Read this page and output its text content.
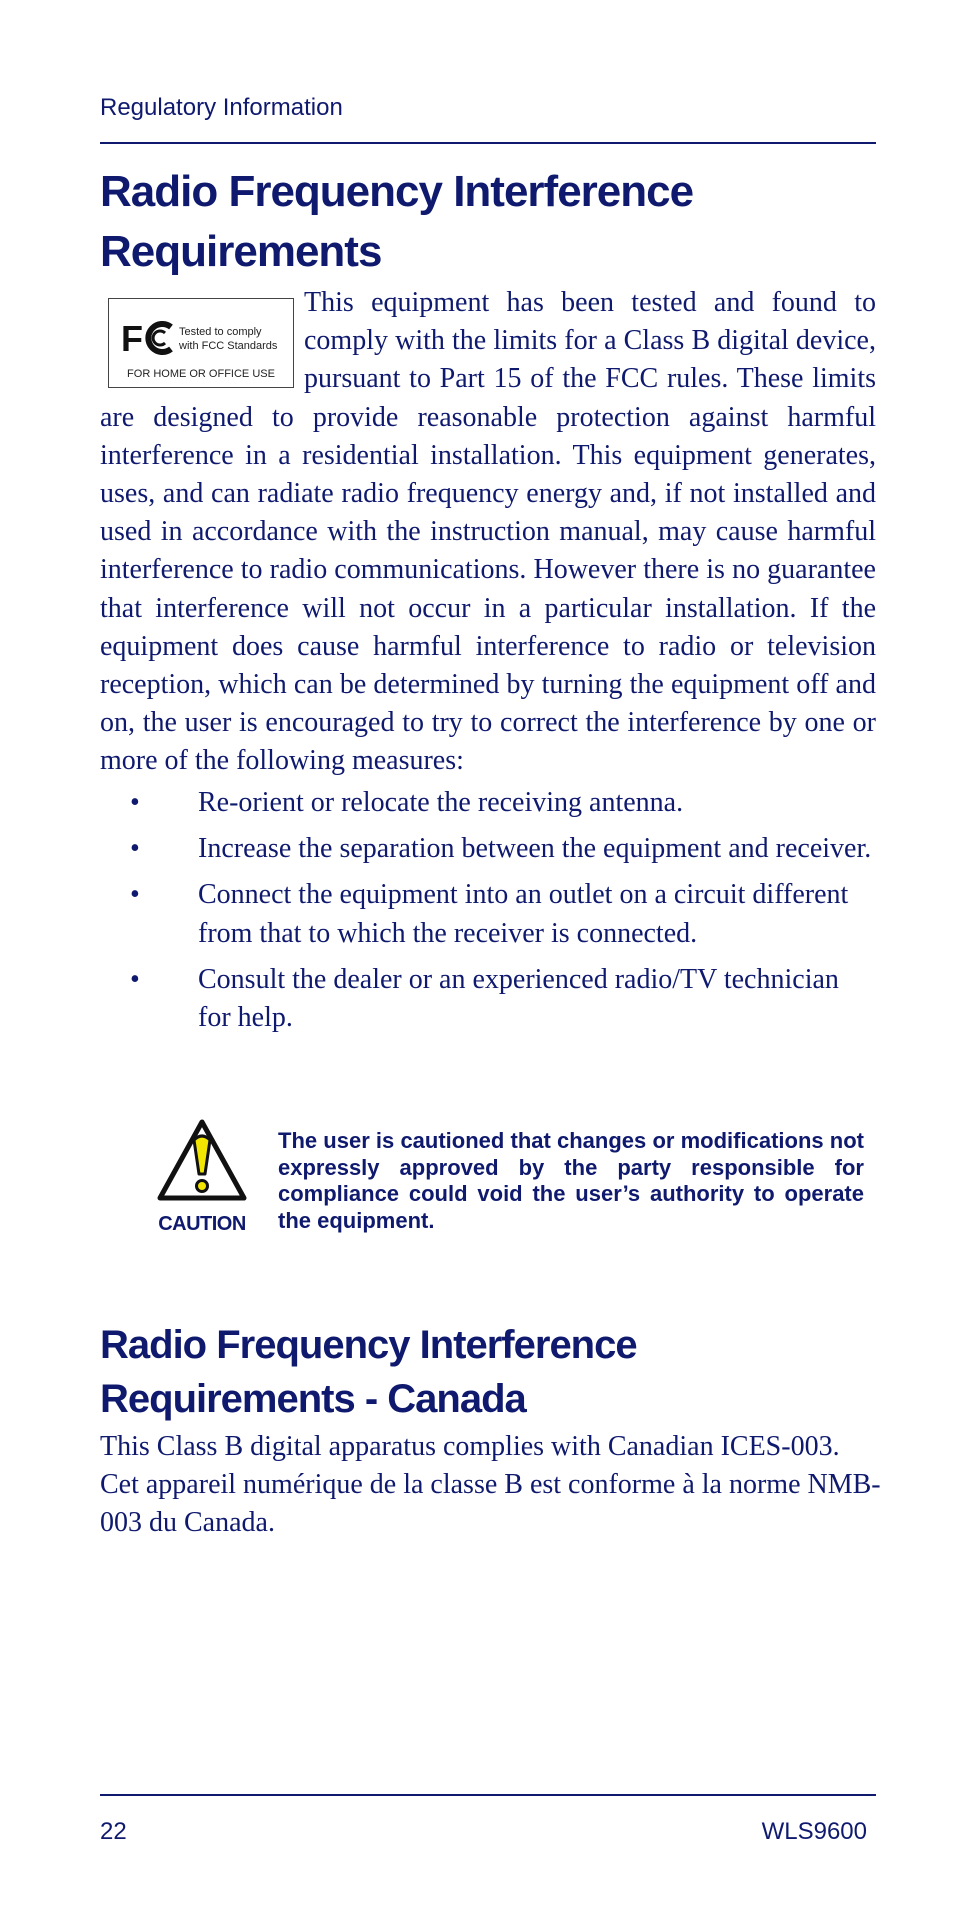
Regulatory Information
Radio Frequency Interference Requirements
F	Tested to comply
with FCC Standards
FOR HOME OR OFFICE USE
This equipment has been tested and found to comply with the limits for a Class B digital device, pursuant to Part 15 of the FCC rules. These limits are designed to provide reasonable protection against harmful interference in a residential installation. This equipment generates, uses, and can radiate radio frequency energy and, if not installed and used in accordance with the instruction manual, may cause harmful interference to radio communications. However there is no guarantee that interference will not occur in a particular installation. If the equipment does cause harmful interference to radio or television reception, which can be determined by turning the equipment off and on, the user is encouraged to try to correct the interference by one or more of the following measures:
• Re-orient or relocate the receiving antenna.
• Increase the separation between the equipment and receiver.
• Connect the equipment into an outlet on a circuit different from that to which the receiver is connected.
• Consult the dealer or an experienced radio/TV technician for help.
CAUTION
The user is cautioned that changes or modifications not expressly approved by the party responsible for compliance could void the user’s authority to operate the equipment.
Radio Frequency Interference Requirements - Canada

This Class B digital apparatus complies with Canadian ICES-003.

Cet appareil numérique de la classe B est conforme à la norme NMB-003 du Canada.

22	WLS9600
